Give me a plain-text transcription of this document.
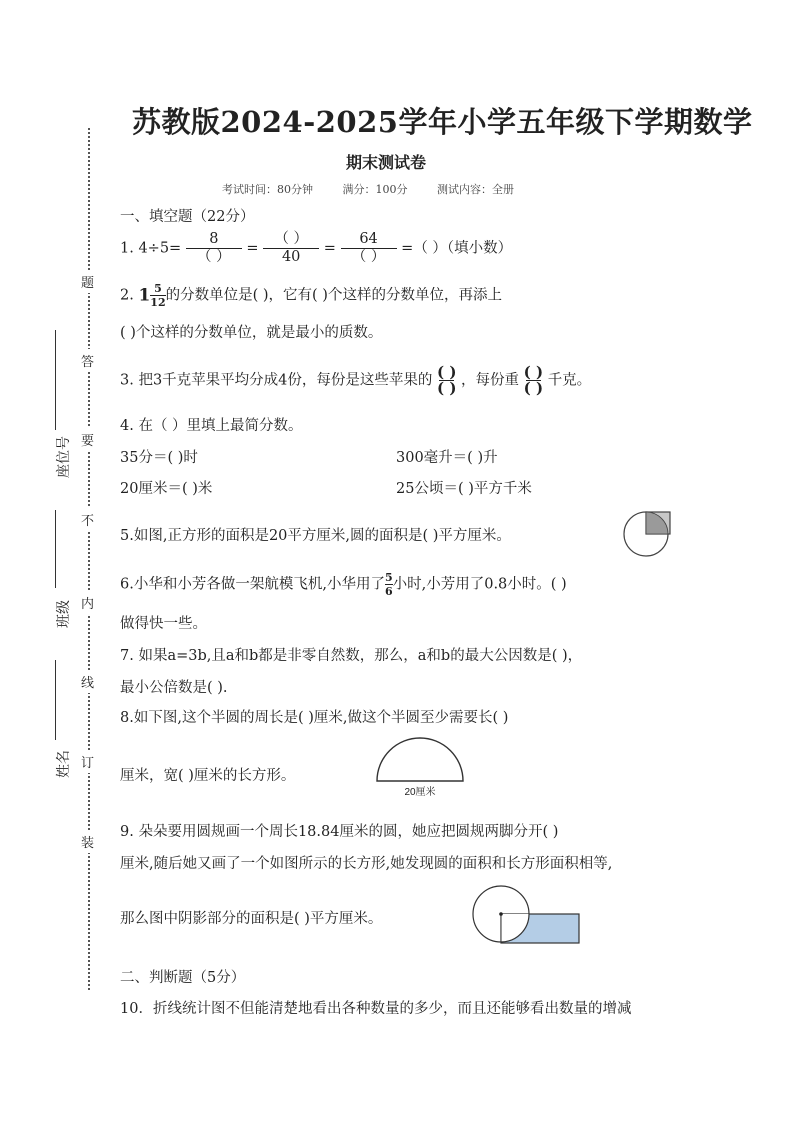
题
答
要
不
内
线
订
装
座位号
班级
姓名
苏教版2024-2025学年小学五年级下学期数学
期末测试卷
考试时间：80分钟	满分：100分	测试内容：全册
一、填空题（22分）
1. $4\div 5= \frac{8}{( )} = \frac{( )}{40} = \frac{64}{( )}$ =（ ）（填小数）
2. $1\frac{5}{12}$的分数单位是( )，它有( )个这样的分数单位，再添上
( )个这样的分数单位，就是最小的质数。
3. 把3千克苹果平均分成4份，每份是这些苹果的 $\frac{( )}{( )}$ ，每份重 $\frac{( )}{( )}$ 千克。
4. 在（ ）里填上最简分数。
35分＝( )时	300毫升＝( )升
20厘米＝( )米	25公顷＝( )平方千米
5.如图,正方形的面积是20平方厘米,圆的面积是( )平方厘米。
6.小华和小芳各做一架航模飞机,小华用了$\frac{5}{6}$小时,小芳用了0.8小时。( )
做得快一些。
7. 如果a=3b,且a和b都是非零自然数，那么，a和b的最大公因数是( )，
最小公倍数是( ).
8.如下图,这个半圆的周长是( )厘米,做这个半圆至少需要长( )
厘米，宽( )厘米的长方形。
20厘米
9. 朵朵要用圆规画一个周长18.84厘米的圆，她应把圆规两脚分开( )
厘米,随后她又画了一个如图所示的长方形,她发现圆的面积和长方形面积相等,
那么图中阴影部分的面积是( )平方厘米。
二、判断题（5分）
10．折线统计图不但能清楚地看出各种数量的多少，而且还能够看出数量的增减
